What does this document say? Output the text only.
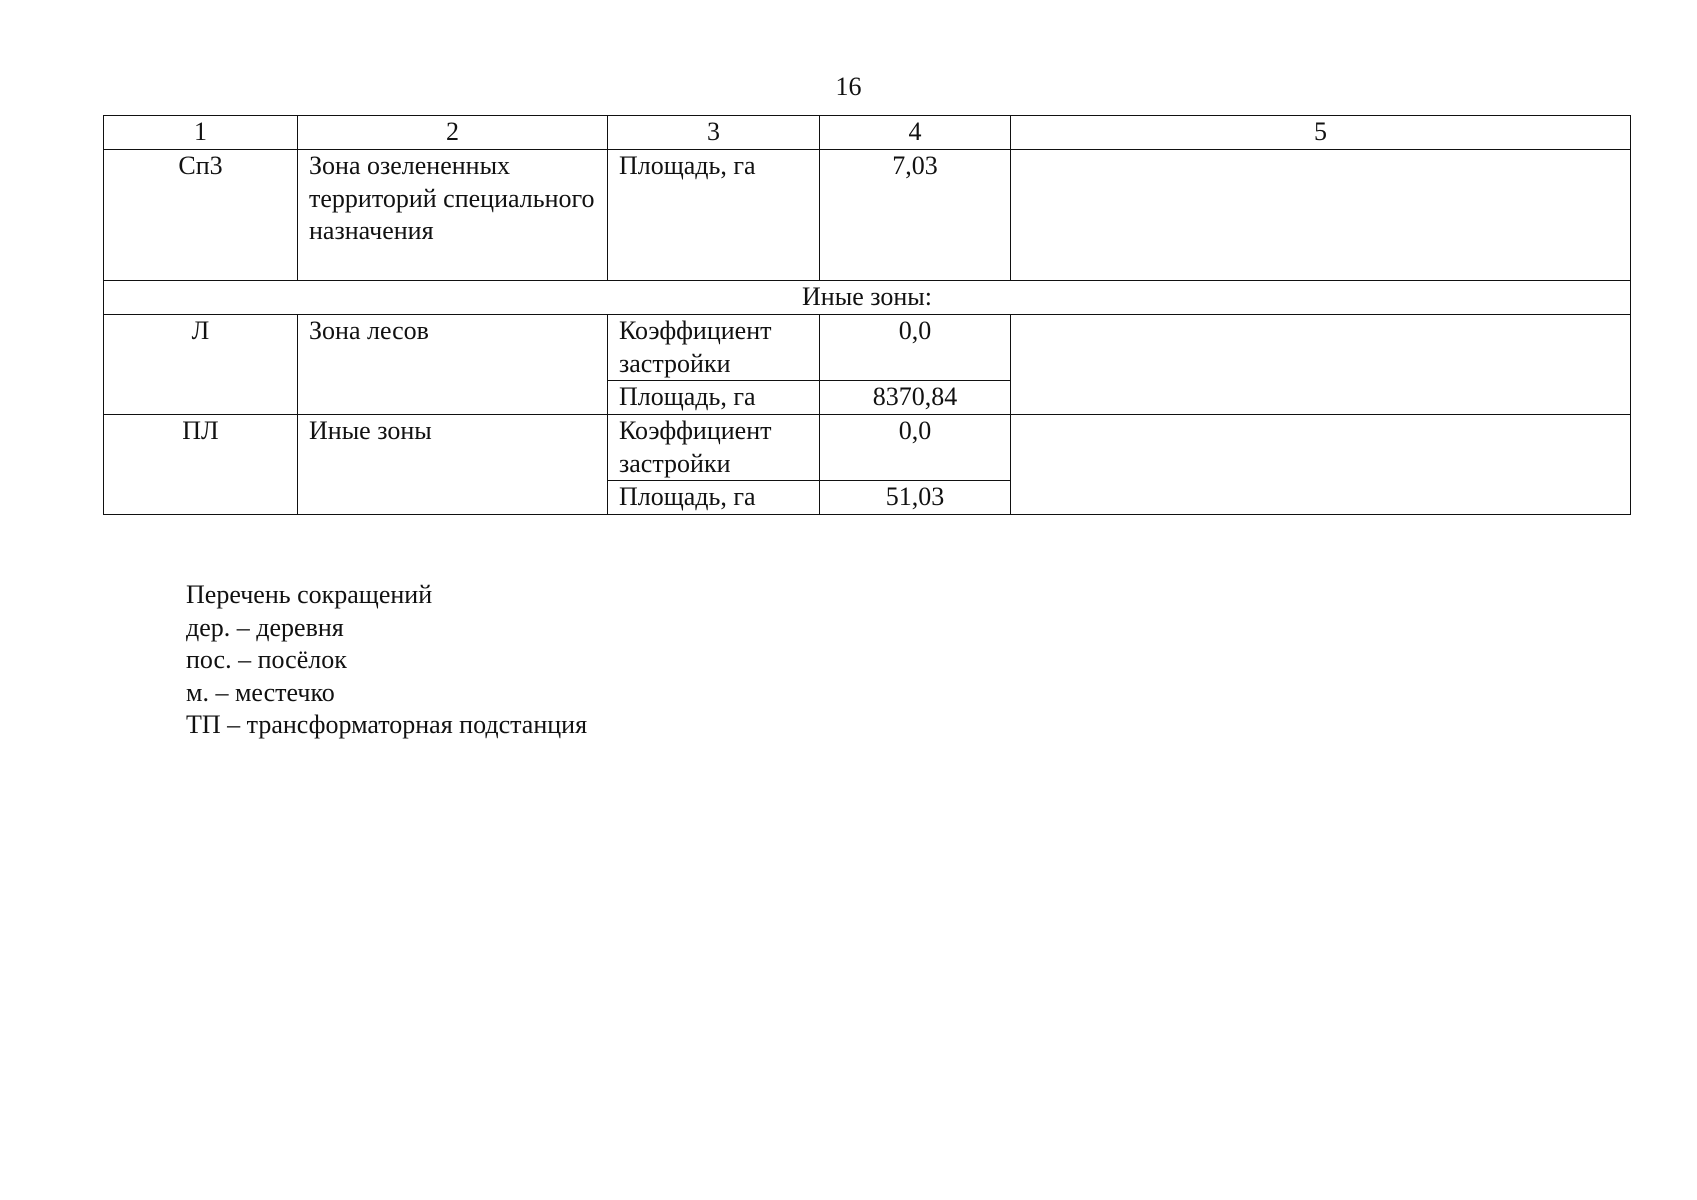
16
1	2	3	4	5
Сп3	Зона озелененных территорий специального назначения	Площадь, га	7,03	
Иные зоны:				
Л	Зона лесов	Коэффициент застройки	0,0	
		Площадь, га	8370,84	
ПЛ	Иные зоны	Коэффициент застройки	0,0	
		Площадь, га	51,03	
Перечень сокращений
дер. – деревня
пос. – посёлок
м. – местечко
ТП – трансформаторная подстанция
